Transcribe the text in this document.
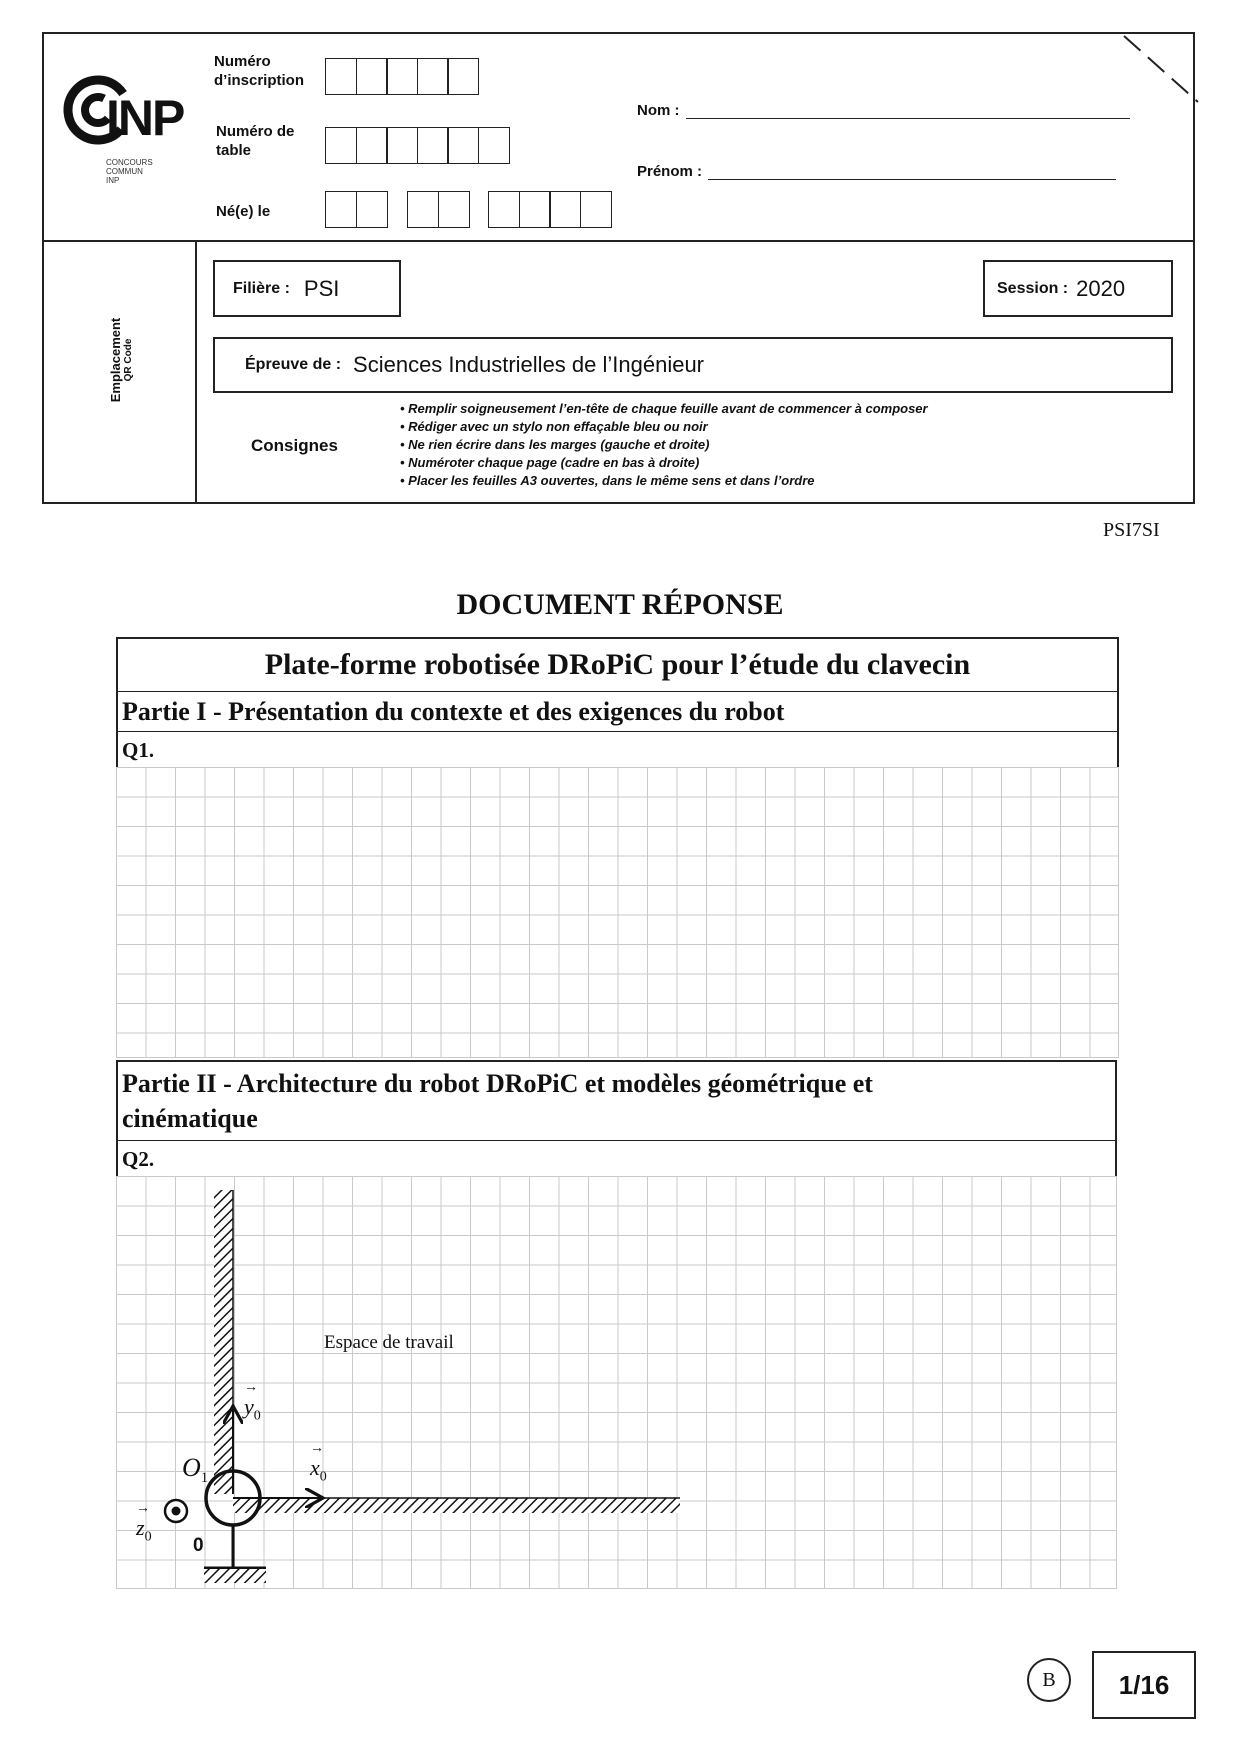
INP
CONCOURS
COMMUN
INP
Numéro d’inscription
Numéro de table
Né(e) le
Nom :
Prénom :
Emplacement QR Code
Filière : PSI	Session : 2020
Épreuve de : Sciences Industrielles de l’Ingénieur
Consignes
• Remplir soigneusement l’en-tête de chaque feuille avant de commencer à composer
• Rédiger avec un stylo non effaçable bleu ou noir
• Ne rien écrire dans les marges (gauche et droite)
• Numéroter chaque page (cadre en bas à droite)
• Placer les feuilles A3 ouvertes, dans le même sens et dans l’ordre
PSI7SI
DOCUMENT RÉPONSE
Plate-forme robotisée DRoPiC pour l’étude du clavecin
Partie I - Présentation du contexte et des exigences du robot
Q1.
Partie II - Architecture du robot DRoPiC et modèles géométrique et
cinématique
Q2.
Espace de travail
→
$y_0$
→
$x_0$
→
$z_0$
$O_1$
0
B	1/16
